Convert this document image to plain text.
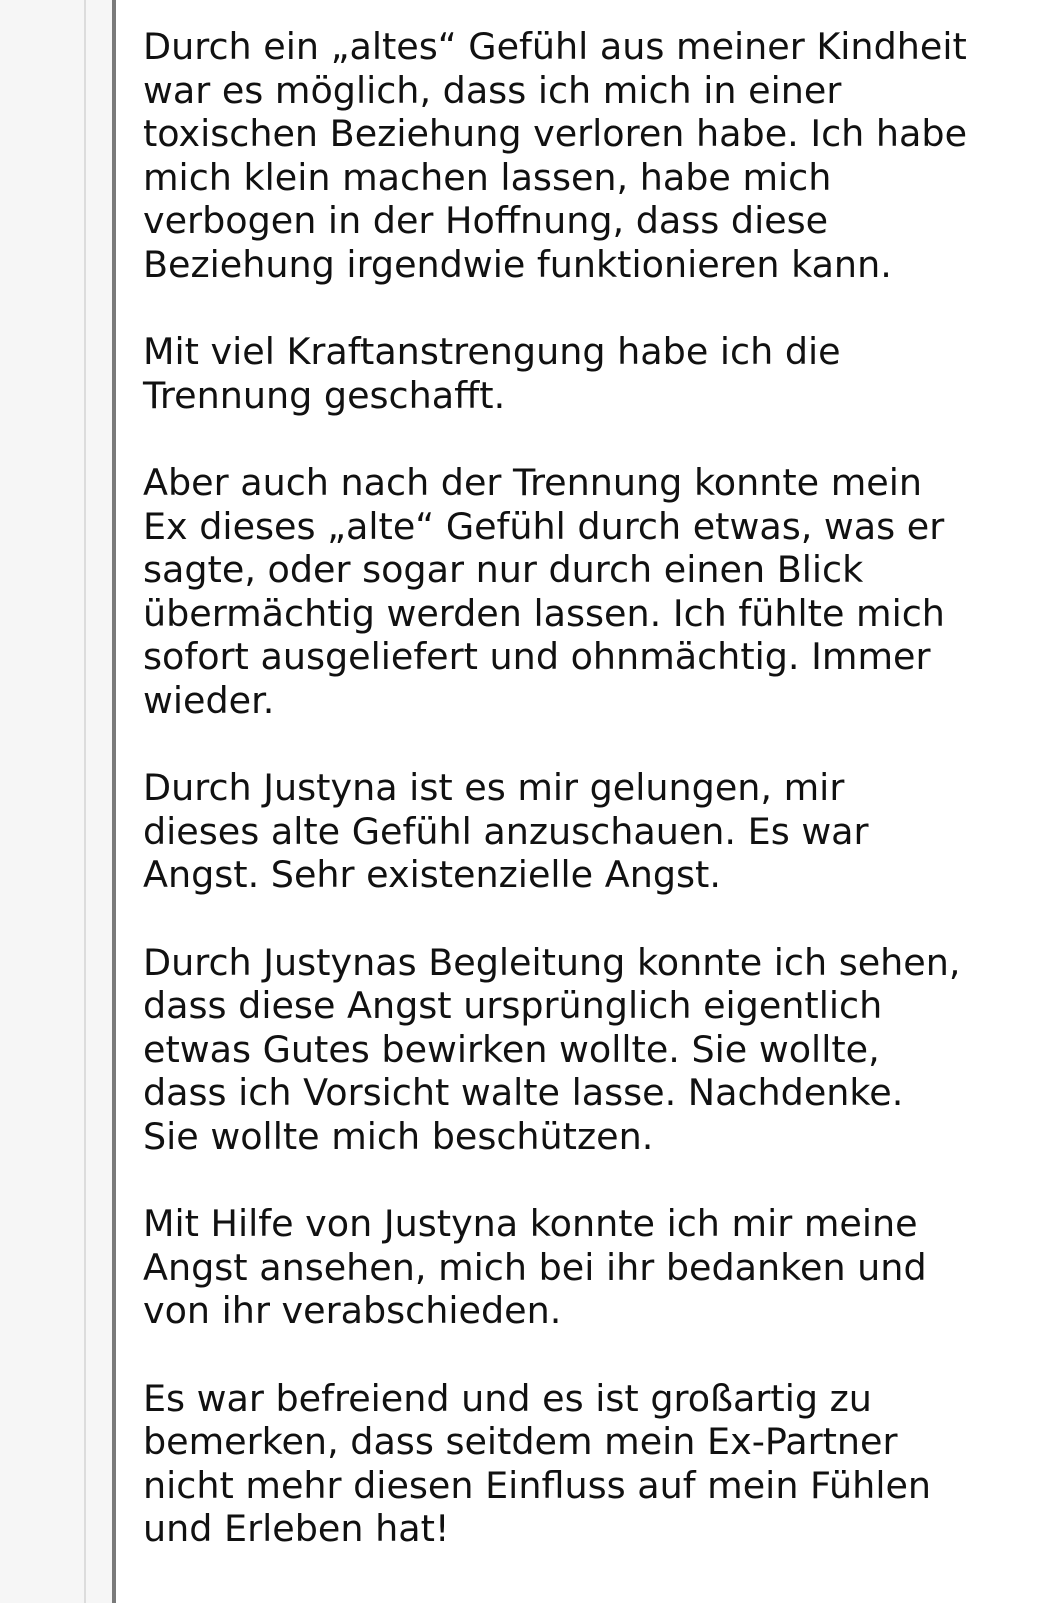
Durch ein „altes“ Gefühl aus meiner Kindheit
war es möglich, dass ich mich in einer
toxischen Beziehung verloren habe. Ich habe
mich klein machen lassen, habe mich
verbogen in der Hoffnung, dass diese
Beziehung irgendwie funktionieren kann.

Mit viel Kraftanstrengung habe ich die
Trennung geschafft.

Aber auch nach der Trennung konnte mein
Ex dieses „alte“ Gefühl durch etwas, was er
sagte, oder sogar nur durch einen Blick
übermächtig werden lassen. Ich fühlte mich
sofort ausgeliefert und ohnmächtig. Immer
wieder.

Durch Justyna ist es mir gelungen, mir
dieses alte Gefühl anzuschauen. Es war
Angst. Sehr existenzielle Angst.

Durch Justynas Begleitung konnte ich sehen,
dass diese Angst ursprünglich eigentlich
etwas Gutes bewirken wollte. Sie wollte,
dass ich Vorsicht walte lasse. Nachdenke.
Sie wollte mich beschützen.

Mit Hilfe von Justyna konnte ich mir meine
Angst ansehen, mich bei ihr bedanken und
von ihr verabschieden.

Es war befreiend und es ist großartig zu
bemerken, dass seitdem mein Ex-Partner
nicht mehr diesen Einfluss auf mein Fühlen
und Erleben hat!
